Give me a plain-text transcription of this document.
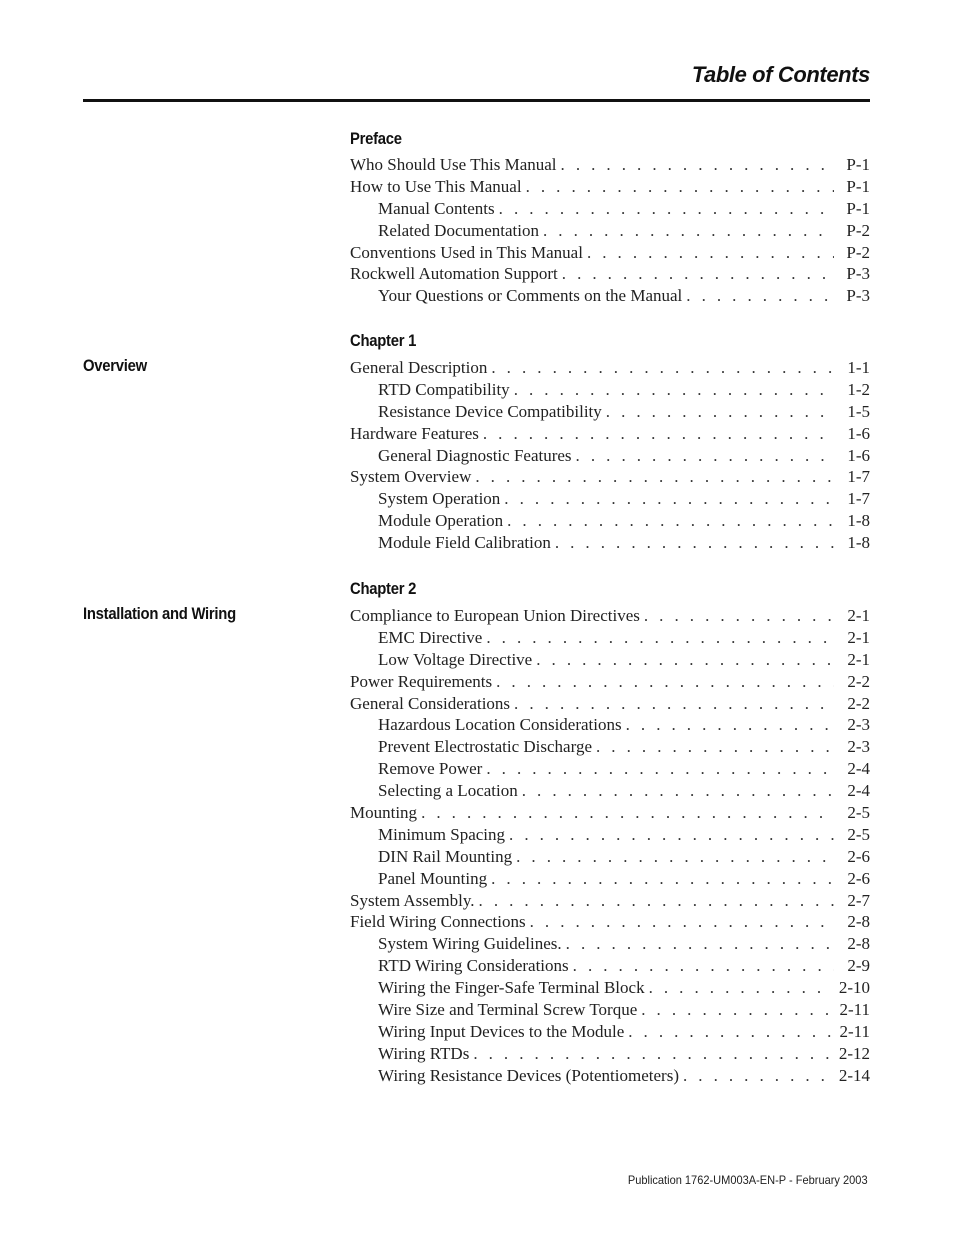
Table of Contents
Preface
Who Should Use This Manual . . .	P-1
How to Use This Manual . . .	P-1
Manual Contents . . .	P-1
Related Documentation . . .	P-2
Conventions Used in This Manual . . .	P-2
Rockwell Automation Support . . .	P-3
Your Questions or Comments on the Manual . . .	P-3
Chapter 1
Overview	General Description . . .	1-1
RTD Compatibility . . .	1-2
Resistance Device Compatibility . . .	1-5
Hardware Features . . .	1-6
General Diagnostic Features . . .	1-6
System Overview . . .	1-7
System Operation . . .	1-7
Module Operation . . .	1-8
Module Field Calibration . . .	1-8
Chapter 2
Installation and Wiring	Compliance to European Union Directives . . .	2-1
EMC Directive . . .	2-1
Low Voltage Directive . . .	2-1
Power Requirements . . .	2-2
General Considerations . . .	2-2
Hazardous Location Considerations . . .	2-3
Prevent Electrostatic Discharge . . .	2-3
Remove Power . . .	2-4
Selecting a Location . . .	2-4
Mounting . . .	2-5
Minimum Spacing . . .	2-5
DIN Rail Mounting . . .	2-6
Panel Mounting . . .	2-6
System Assembly. . . .	2-7
Field Wiring Connections . . .	2-8
System Wiring Guidelines. . . .	2-8
RTD Wiring Considerations . . .	2-9
Wiring the Finger-Safe Terminal Block . . .	2-10
Wire Size and Terminal Screw Torque . . .	2-11
Wiring Input Devices to the Module . . .	2-11
Wiring RTDs . . .	2-12
Wiring Resistance Devices (Potentiometers) . . .	2-14
Publication 1762-UM003A-EN-P - February 2003
